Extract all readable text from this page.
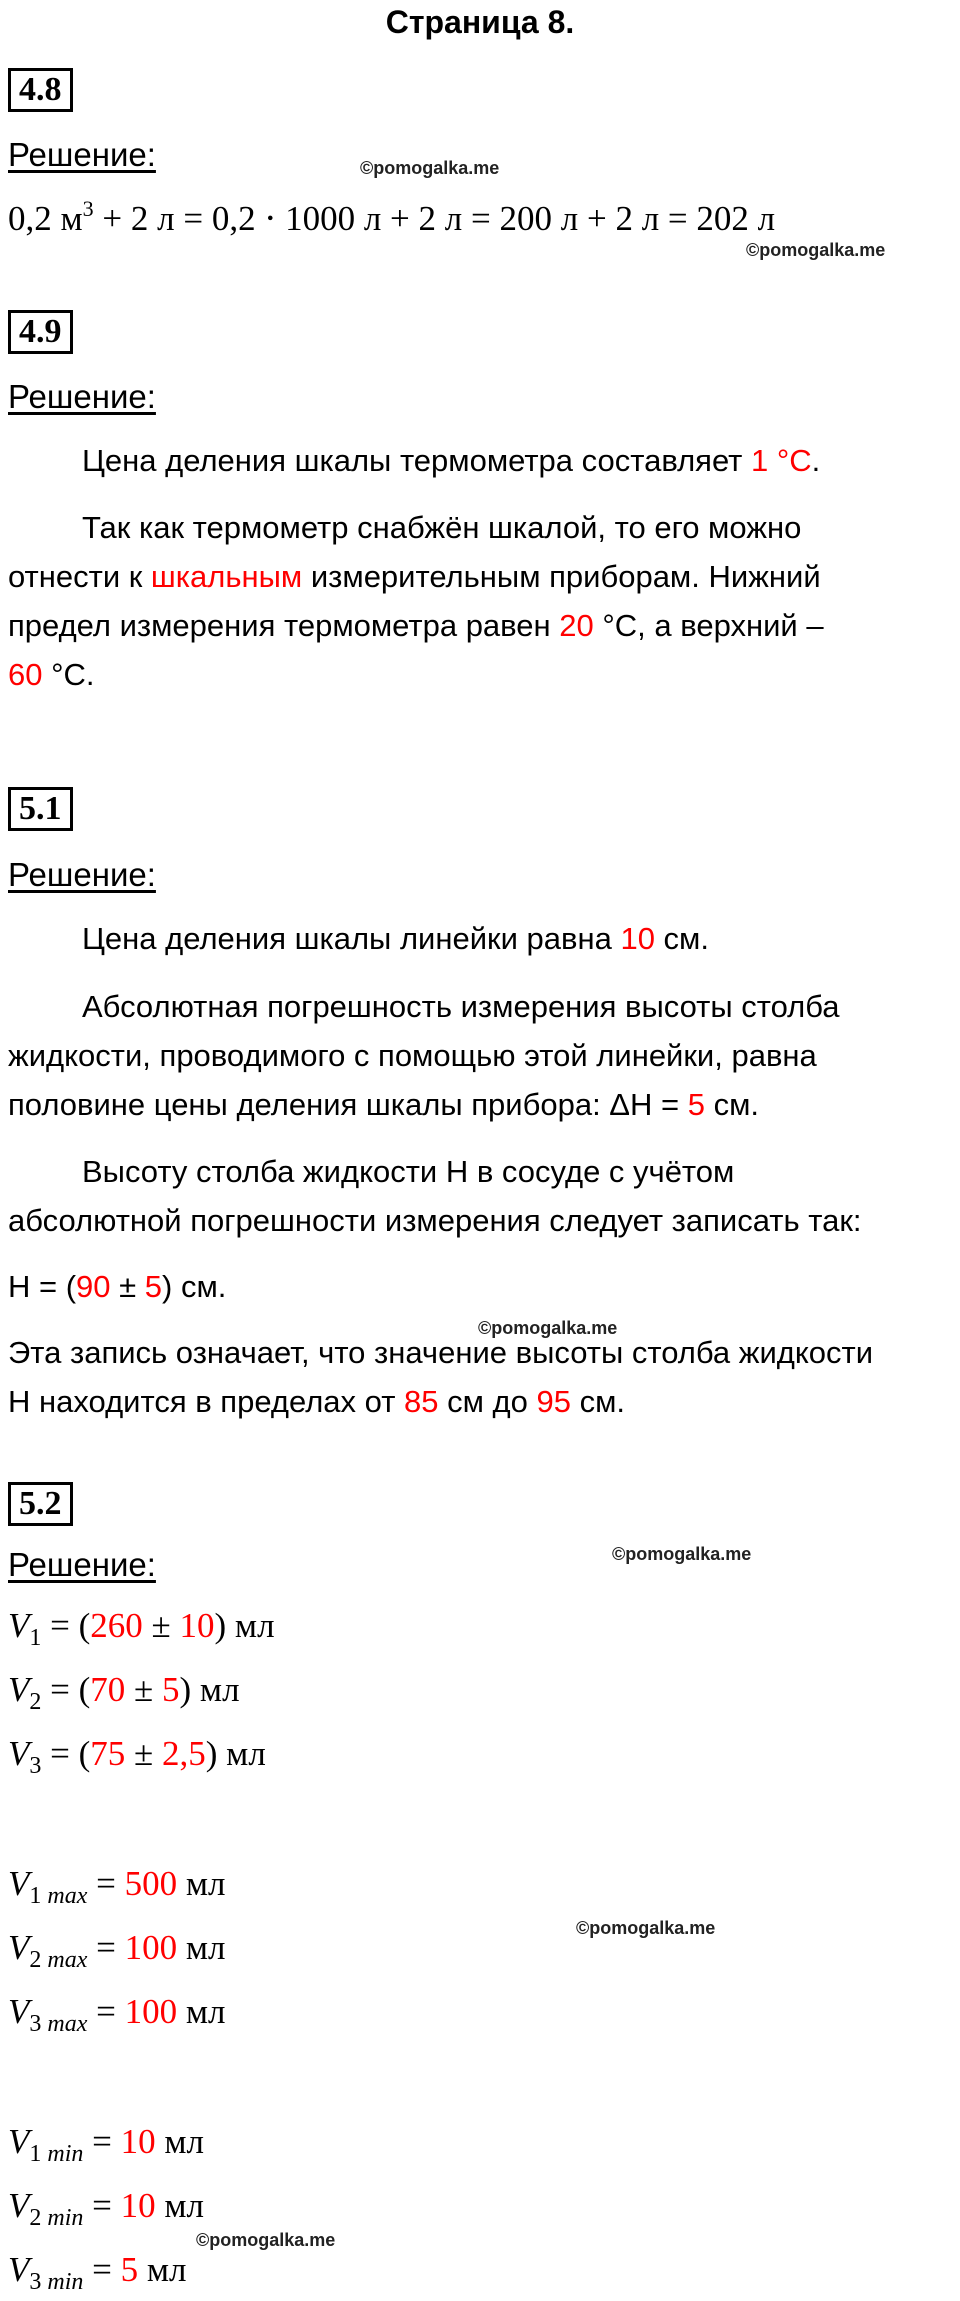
Страница 8.
4.8
Решение:	©pomogalka.me
0,2 $м^3 + 2$ л = 0,2 ⋅ 1000 л + 2 л = 200 л + 2 л = 202 л
©pomogalka.me
4.9
Решение:
Цена деления шкалы термометра составляет 1 °C.
Так как термометр снабжён шкалой, то его можно
отнести к шкальным измерительным приборам. Нижний
предел измерения термометра равен 20 °C, а верхний –
60 °C.
5.1
Решение:
Цена деления шкалы линейки равна 10 см.
Абсолютная погрешность измерения высоты столба
жидкости, проводимого с помощью этой линейки, равна
половине цены деления шкалы прибора: ΔH = 5 см.
Высоту столба жидкости H в сосуде с учётом
абсолютной погрешности измерения следует записать так:
H = (90 ± 5) см.
©pomogalka.me
Эта запись означает, что значение высоты столба жидкости
H находится в пределах от 85 см до 95 см.
5.2
Решение:	©pomogalka.me
$V_1 = (260 \pm 10)$ мл
$V_2 = (70 \pm 5)$ мл
$V_3 = (75 \pm 2,5)$ мл
$V_{1 max} = 500$ мл
©pomogalka.me
$V_{2 max} = 100$ мл
$V_{3 max} = 100$ мл
$V_{1 min} = 10$ мл
$V_{2 min} = 10$ мл
©pomogalka.me
$V_{3 min} = 5$ мл
